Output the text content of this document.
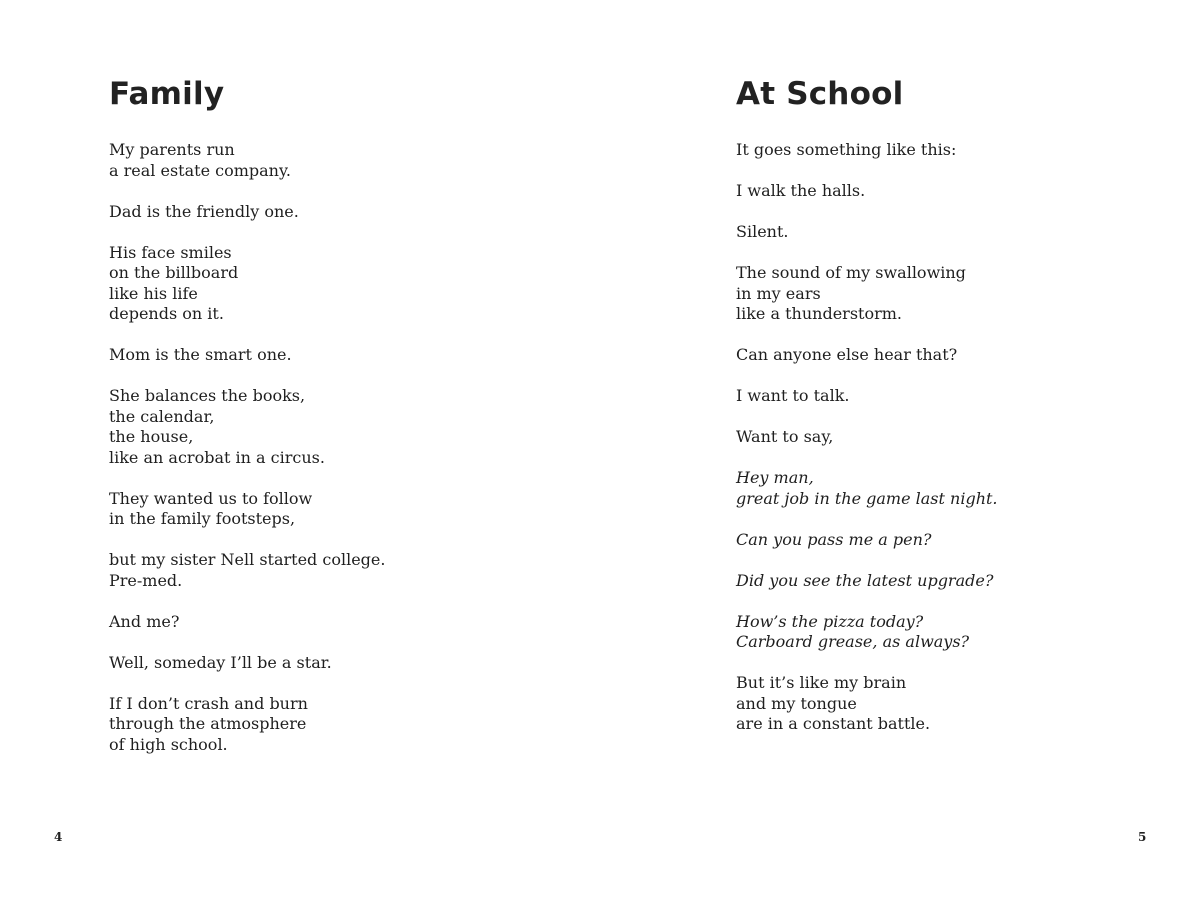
Family
My parents run
a real estate company.
Dad is the friendly one.
His face smiles
on the billboard
like his life
depends on it.
Mom is the smart one.
She balances the books,
the calendar,
the house,
like an acrobat in a circus.
They wanted us to follow
in the family footsteps,
but my sister Nell started college.
Pre-med.
And me?
Well, someday I’ll be a star.
If I don’t crash and burn
through the atmosphere
of high school.
4
At School
It goes something like this:
I walk the halls.
Silent.
The sound of my swallowing
in my ears
like a thunderstorm.
Can anyone else hear that?
I want to talk.
Want to say,
Hey man,
great job in the game last night.
Can you pass me a pen?
Did you see the latest upgrade?
How’s the pizza today?
Carboard grease, as always?
But it’s like my brain
and my tongue
are in a constant battle.
5
